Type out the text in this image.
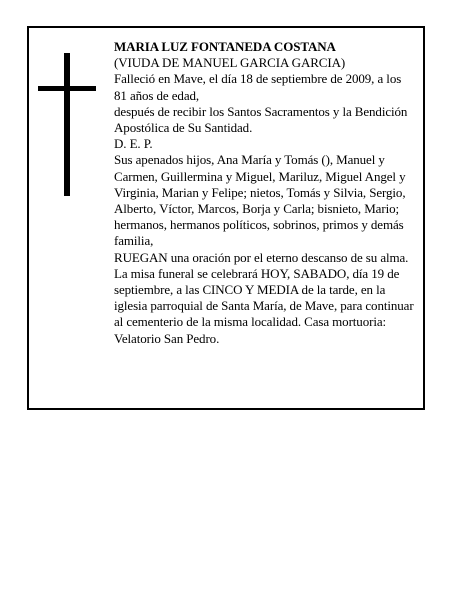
MARIA LUZ FONTANEDA COSTANA

(VIUDA DE MANUEL GARCIA GARCIA)

Falleció en Mave, el día 18 de septiembre de 2009, a los 81 años de edad,

después de recibir los Santos Sacramentos y la Bendición Apostólica de Su Santidad.

D. E. P.

Sus apenados hijos, Ana María y Tomás (), Manuel y Carmen, Guillermina y Miguel, Mariluz, Miguel Angel y Virginia, Marian y Felipe; nietos, Tomás y Silvia, Sergio, Alberto, Víctor, Marcos, Borja y Carla; bisnieto, Mario; hermanos, hermanos políticos, sobrinos, primos y demás familia,

RUEGAN una oración por el eterno descanso de su alma. La misa funeral se celebrará HOY, SABADO, día 19 de septiembre, a las CINCO Y MEDIA de la tarde, en la iglesia parroquial de Santa María, de Mave, para continuar al cementerio de la misma localidad. Casa mortuoria: Velatorio San Pedro.
